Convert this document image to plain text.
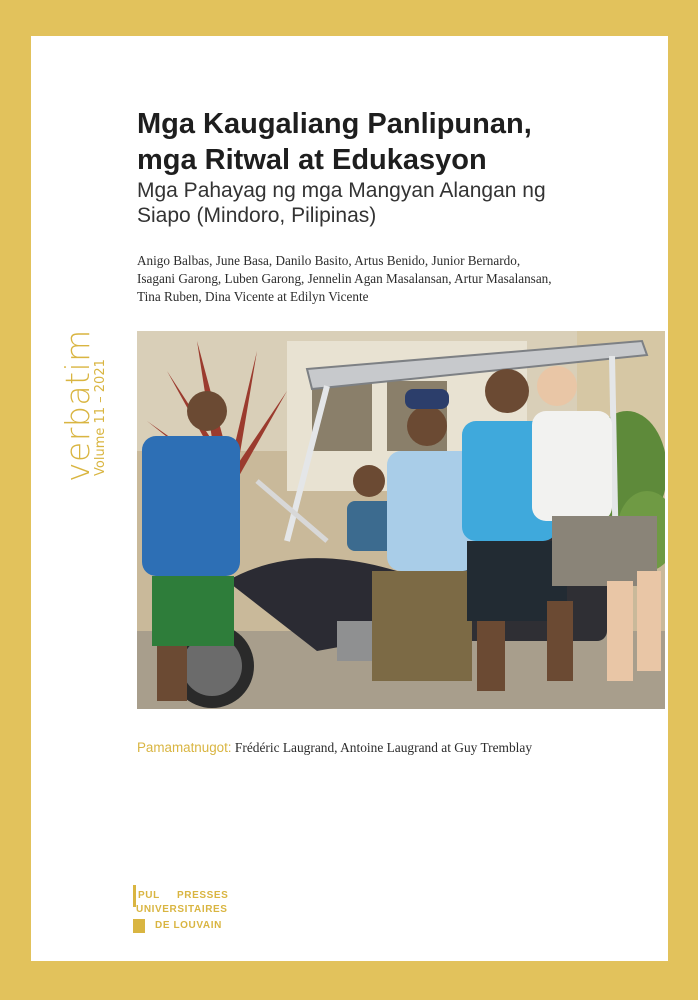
Mga Kaugaliang Panlipunan,
mga Ritwal at Edukasyon
Mga Pahayag ng mga Mangyan Alangan ng
Siapo (Mindoro, Pilipinas)
Anigo Balbas, June Basa, Danilo Basito, Artus Benido, Junior Bernardo,
Isagani Garong, Luben Garong, Jennelin Agan Masalansan, Artur Masalansan,
Tina Ruben, Dina Vicente at Edilyn Vicente
verbatim
Volume 11 – 2021
Pamamatnugot: Frédéric Laugrand, Antoine Laugrand at Guy Tremblay
PUL PRESSES
UNIVERSITAIRES
DE LOUVAIN
